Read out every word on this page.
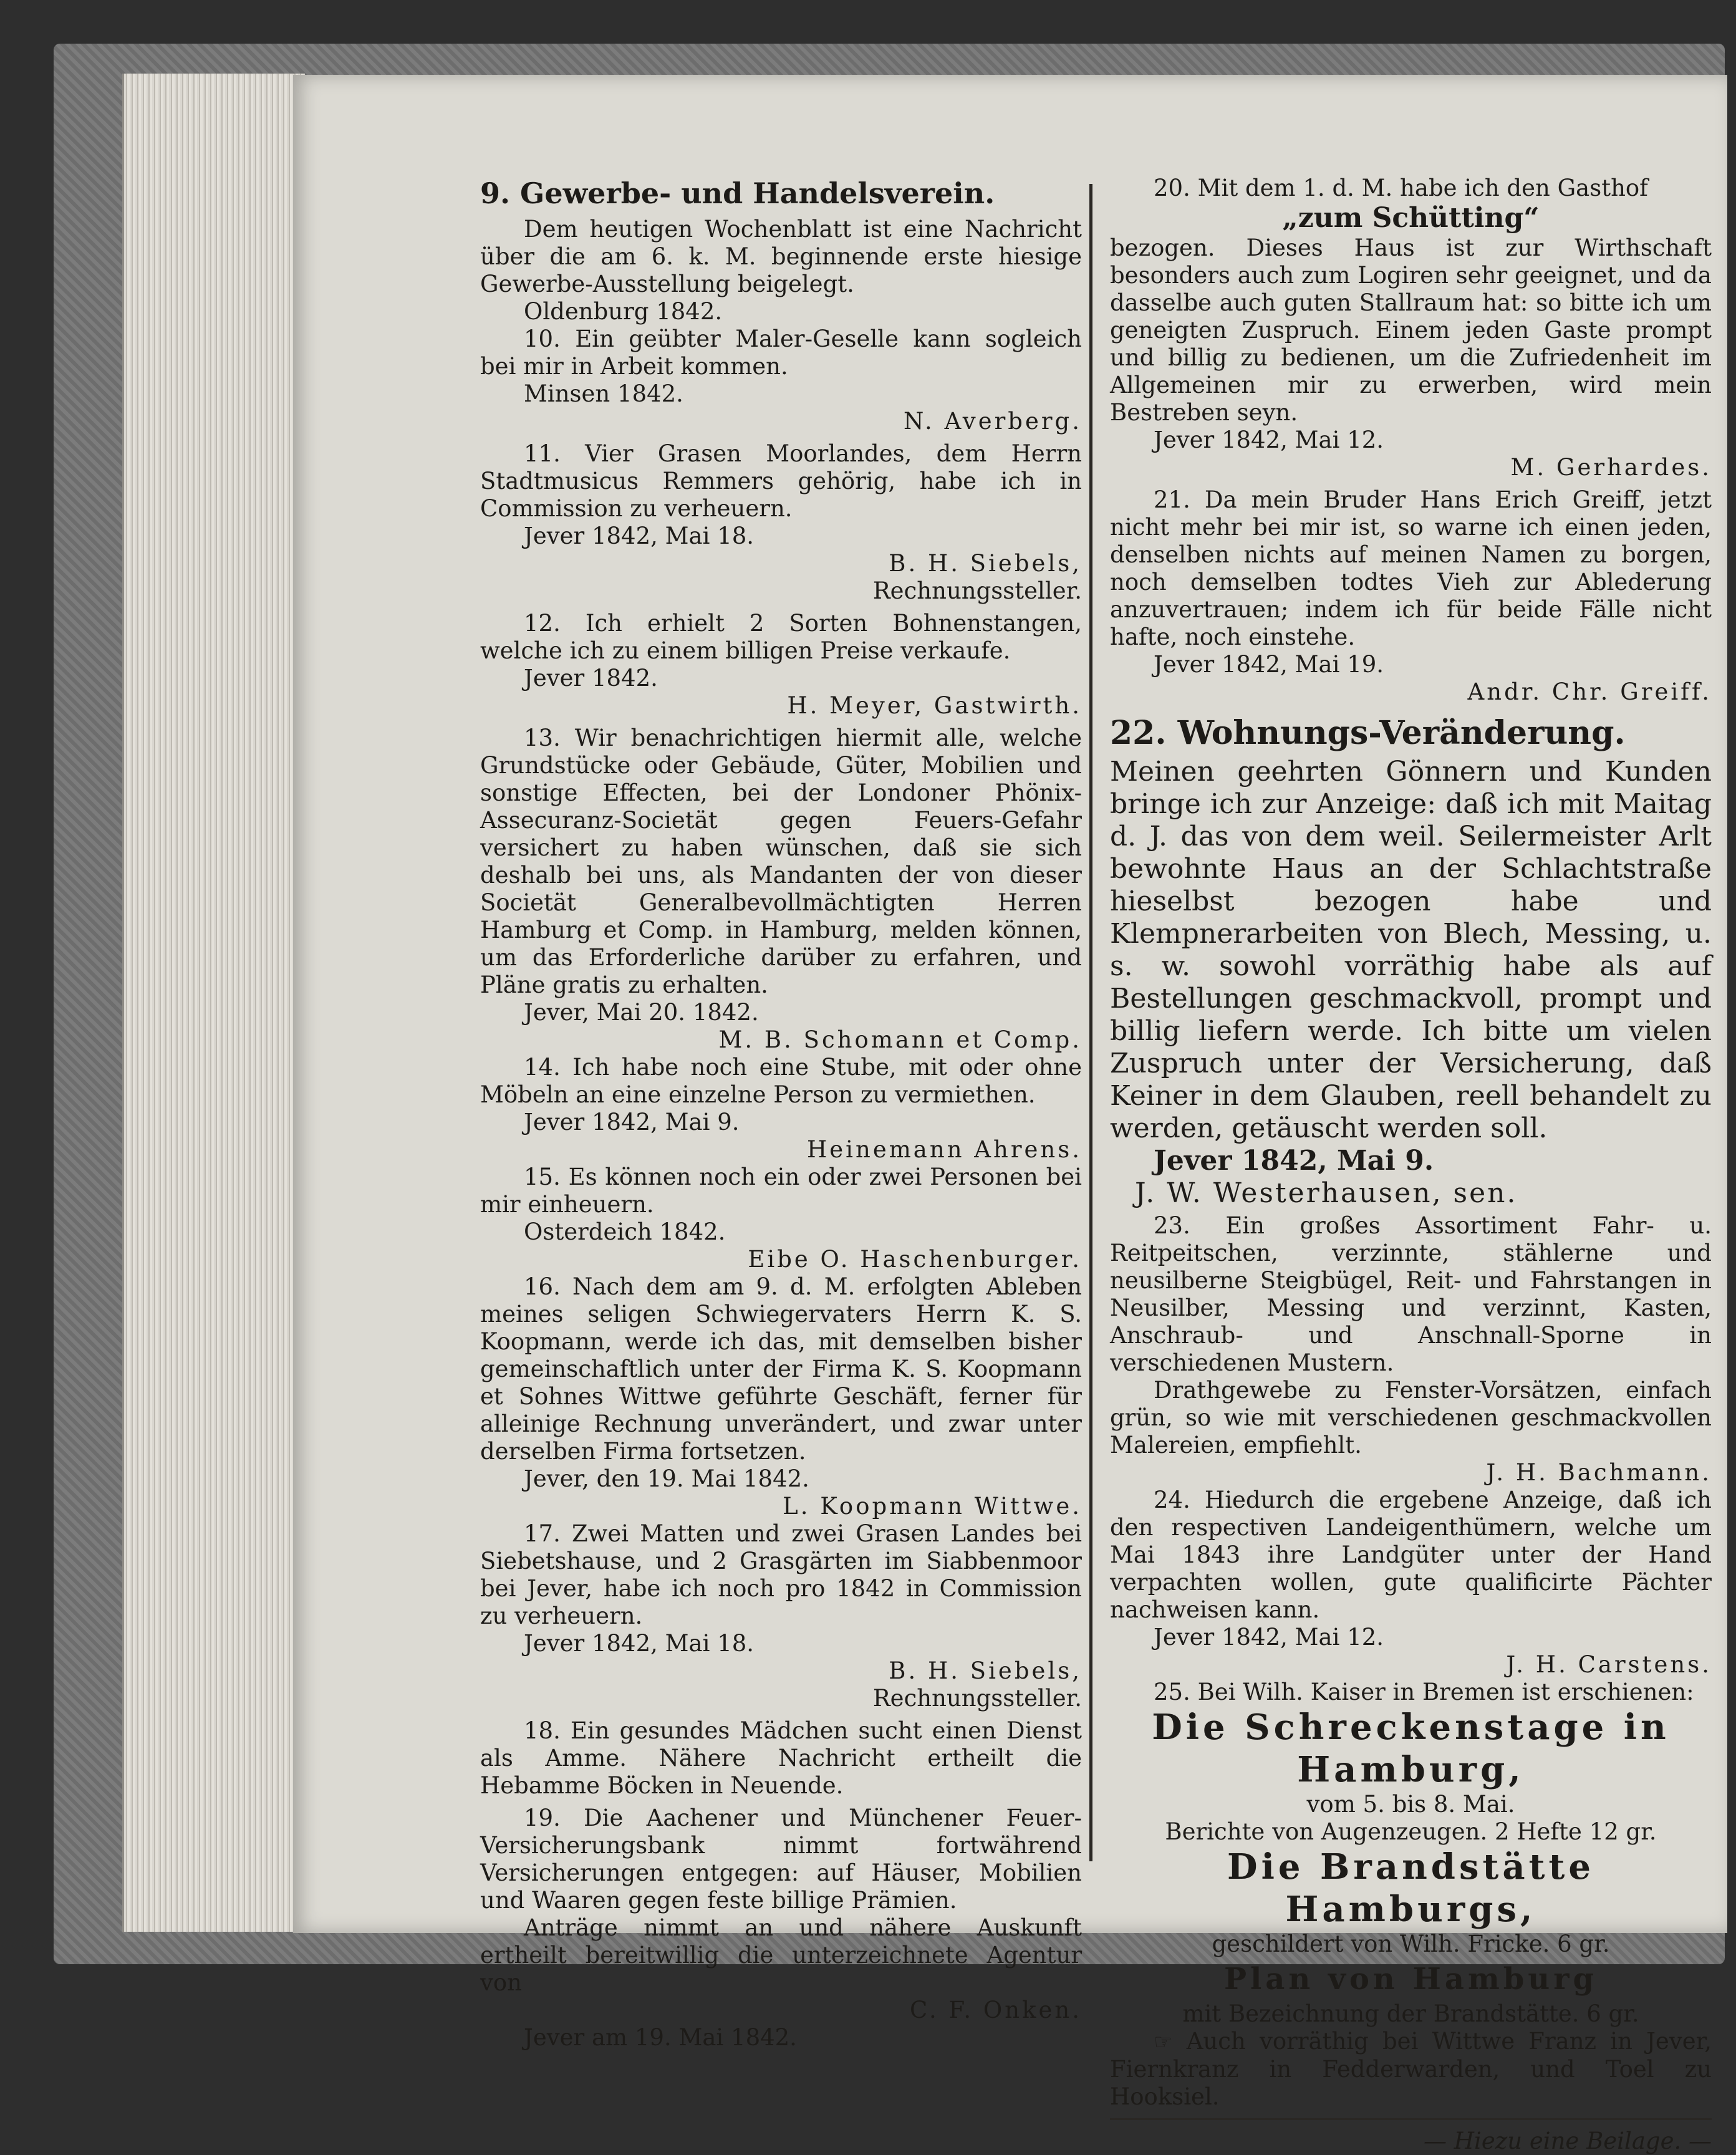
9. Gewerbe- und Handelsverein.

Dem heutigen Wochenblatt ist eine Nachricht über die am 6. k. M. beginnende erste hiesige Gewerbe-Ausstellung beigelegt.

Oldenburg 1842.

10. Ein geübter Maler-Geselle kann sogleich bei mir in Arbeit kommen.

Minsen 1842.

N. Averberg.

11. Vier Grasen Moorlandes, dem Herrn Stadtmusicus Remmers gehörig, habe ich in Commission zu verheuern.

Jever 1842, Mai 18.

B. H. Siebels,

Rechnungssteller.

12. Ich erhielt 2 Sorten Bohnenstangen, welche ich zu einem billigen Preise verkaufe.

Jever 1842.

H. Meyer, Gastwirth.

13. Wir benachrichtigen hiermit alle, welche Grundstücke oder Gebäude, Güter, Mobilien und sonstige Effecten, bei der Londoner Phönix-Assecuranz-Societät gegen Feuers-Gefahr versichert zu haben wünschen, daß sie sich deshalb bei uns, als Mandanten der von dieser Societät Generalbevollmächtigten Herren Hamburg et Comp. in Hamburg, melden können, um das Erforderliche darüber zu erfahren, und Pläne gratis zu erhalten.

Jever, Mai 20. 1842.

M. B. Schomann et Comp.

14. Ich habe noch eine Stube, mit oder ohne Möbeln an eine einzelne Person zu vermiethen.

Jever 1842, Mai 9.

Heinemann Ahrens.

15. Es können noch ein oder zwei Personen bei mir einheuern.

Osterdeich 1842.

Eibe O. Haschenburger.

16. Nach dem am 9. d. M. erfolgten Ableben meines seligen Schwiegervaters Herrn K. S. Koopmann, werde ich das, mit demselben bisher gemeinschaftlich unter der Firma K. S. Koopmann et Sohnes Wittwe geführte Geschäft, ferner für alleinige Rechnung unverändert, und zwar unter derselben Firma fortsetzen.

Jever, den 19. Mai 1842.

L. Koopmann Wittwe.

17. Zwei Matten und zwei Grasen Landes bei Siebetshause, und 2 Grasgärten im Siabbenmoor bei Jever, habe ich noch pro 1842 in Commission zu verheuern.

Jever 1842, Mai 18.

B. H. Siebels,

Rechnungssteller.

18. Ein gesundes Mädchen sucht einen Dienst als Amme. Nähere Nachricht ertheilt die Hebamme Böcken in Neuende.

19. Die Aachener und Münchener Feuer-Versicherungsbank nimmt fortwährend Versicherungen entgegen: auf Häuser, Mobilien und Waaren gegen feste billige Prämien.

Anträge nimmt an und nähere Auskunft ertheilt bereitwillig die unterzeichnete Agentur von

C. F. Onken.

Jever am 19. Mai 1842.

20. Mit dem 1. d. M. habe ich den Gasthof

„zum Schütting“

bezogen. Dieses Haus ist zur Wirthschaft besonders auch zum Logiren sehr geeignet, und da dasselbe auch guten Stallraum hat: so bitte ich um geneigten Zuspruch. Einem jeden Gaste prompt und billig zu bedienen, um die Zufriedenheit im Allgemeinen mir zu erwerben, wird mein Bestreben seyn.

Jever 1842, Mai 12.

M. Gerhardes.

21. Da mein Bruder Hans Erich Greiff, jetzt nicht mehr bei mir ist, so warne ich einen jeden, denselben nichts auf meinen Namen zu borgen, noch demselben todtes Vieh zur Ablederung anzuvertrauen; indem ich für beide Fälle nicht hafte, noch einstehe.

Jever 1842, Mai 19.

Andr. Chr. Greiff.

22. Wohnungs-Veränderung.

Meinen geehrten Gönnern und Kunden bringe ich zur Anzeige: daß ich mit Maitag d. J. das von dem weil. Seilermeister Arlt bewohnte Haus an der Schlachtstraße hieselbst bezogen habe und Klempnerarbeiten von Blech, Messing, u. s. w. sowohl vorräthig habe als auf Bestellungen geschmackvoll, prompt und billig liefern werde. Ich bitte um vielen Zuspruch unter der Versicherung, daß Keiner in dem Glauben, reell behandelt zu werden, getäuscht werden soll.

Jever 1842, Mai 9.

J. W. Westerhausen, sen.

23. Ein großes Assortiment Fahr- u. Reitpeitschen, verzinnte, stählerne und neusilberne Steigbügel, Reit- und Fahrstangen in Neusilber, Messing und verzinnt, Kasten, Anschraub- und Anschnall-Sporne in verschiedenen Mustern.

Drathgewebe zu Fenster-Vorsätzen, einfach grün, so wie mit verschiedenen geschmackvollen Malereien, empfiehlt.

J. H. Bachmann.

24. Hiedurch die ergebene Anzeige, daß ich den respectiven Landeigenthümern, welche um Mai 1843 ihre Landgüter unter der Hand verpachten wollen, gute qualificirte Pächter nachweisen kann.

Jever 1842, Mai 12.

J. H. Carstens.

25. Bei Wilh. Kaiser in Bremen ist erschienen:

Die Schreckenstage in Hamburg,

vom 5. bis 8. Mai.

Berichte von Augenzeugen. 2 Hefte 12 gr.

Die Brandstätte Hamburgs,

geschildert von Wilh. Fricke. 6 gr.

Plan von Hamburg

mit Bezeichnung der Brandstätte. 6 gr.

☞ Auch vorräthig bei Wittwe Franz in Jever, Fiernkranz in Fedderwarden, und Toel zu Hooksiel.

— Hiezu eine Beilage. —
